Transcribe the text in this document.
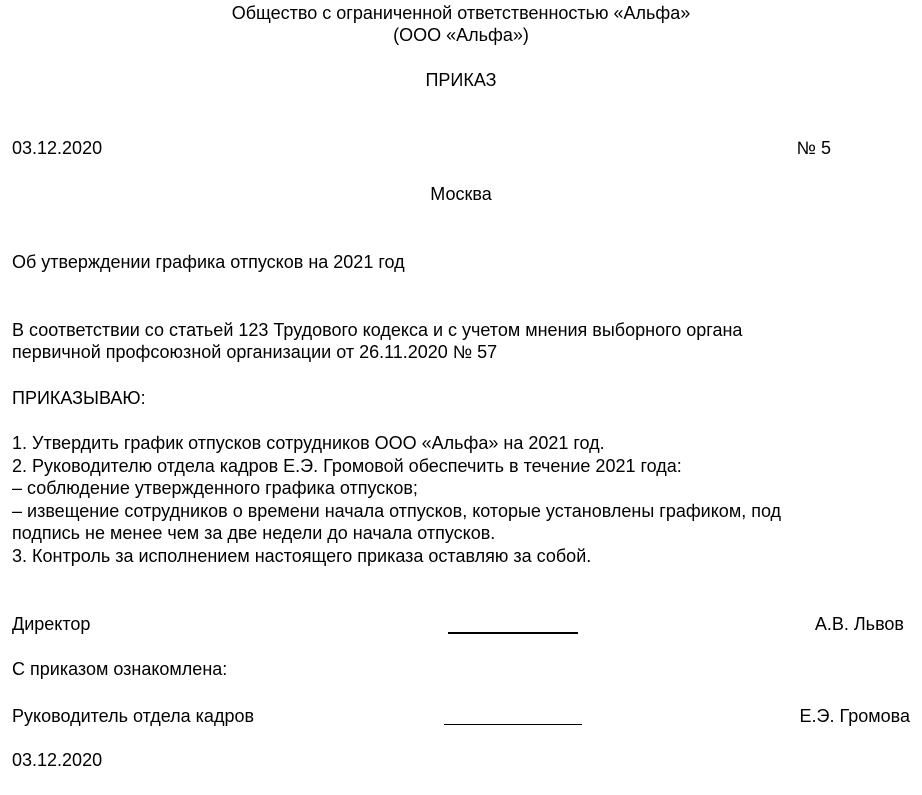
Общество с ограниченной ответственностью «Альфа»
(ООО «Альфа»)
ПРИКАЗ
03.12.2020	№ 5
Москва
Об утверждении графика отпусков на 2021 год
В соответствии со статьей 123 Трудового кодекса и с учетом мнения выборного органа
первичной профсоюзной организации от 26.11.2020 № 57
ПРИКАЗЫВАЮ:
1. Утвердить график отпусков сотрудников ООО «Альфа» на 2021 год.
2. Руководителю отдела кадров Е.Э. Громовой обеспечить в течение 2021 года:
– соблюдение утвержденного графика отпусков;
– извещение сотрудников о времени начала отпусков, которые установлены графиком, под
подпись не менее чем за две недели до начала отпусков.
3. Контроль за исполнением настоящего приказа оставляю за собой.
Директор	А.В. Львов
С приказом ознакомлена:
Руководитель отдела кадров	Е.Э. Громова
03.12.2020
